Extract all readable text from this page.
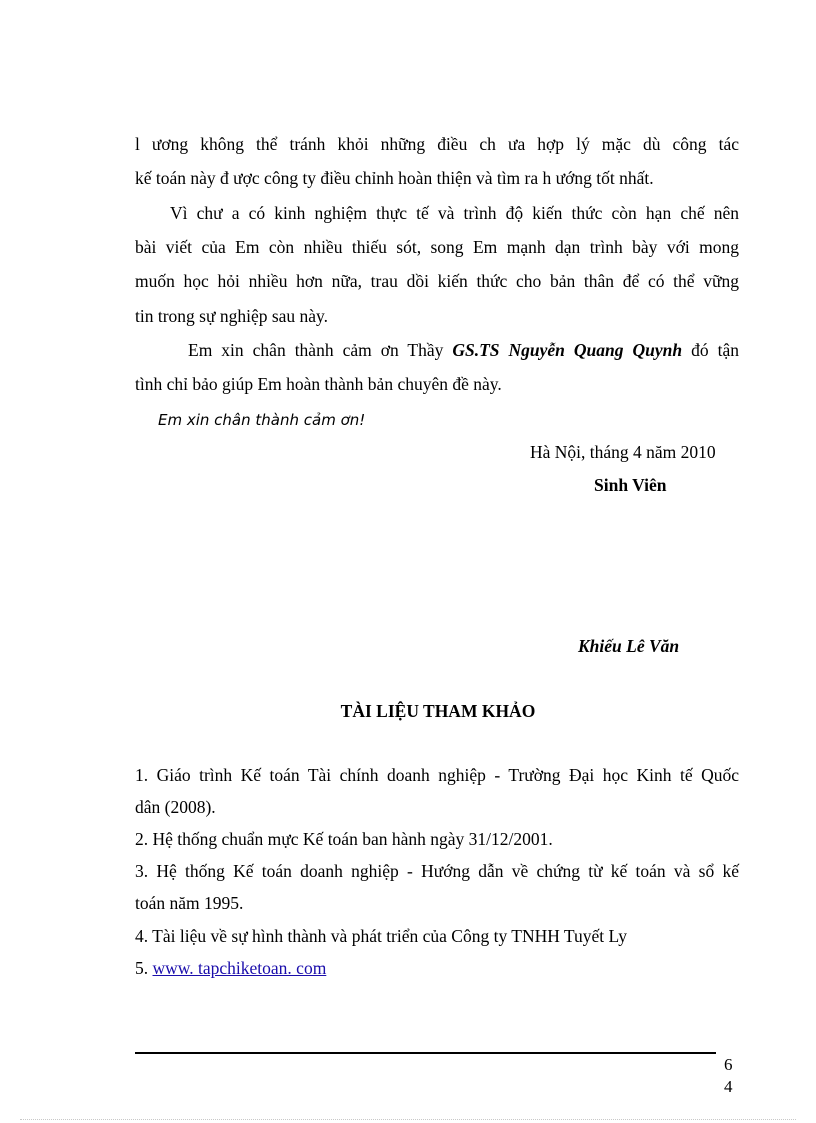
l ương không thể tránh khỏi những điều ch ưa hợp lý mặc dù công tác
kế toán này đ ược công ty điều chỉnh hoàn thiện và tìm ra h ướng tốt nhất.
Vì chư a có kinh nghiệm thực tế và trình độ kiến thức còn hạn chế nên
bài viết của Em còn nhiều thiếu sót, song Em mạnh dạn trình bày với mong
muốn học hỏi nhiều hơn nữa, trau dồi kiến thức cho bản thân để có thể vững
tin trong sự nghiệp sau này.
Em xin chân thành cảm ơn Thầy GS.TS Nguyễn Quang Quynh đó tận
tình chỉ bảo giúp Em hoàn thành bản chuyên đề này.
Em xin chân thành cảm ơn!
Hà Nội, tháng 4 năm 2010
Sinh Viên
Khiếu Lê Văn
TÀI LIỆU THAM KHẢO
1. Giáo trình Kế toán Tài chính doanh nghiệp - Trường Đại học Kinh tế Quốc
dân (2008).
2. Hệ thống chuẩn mực Kế toán ban hành ngày 31/12/2001.
3. Hệ thống Kế toán doanh nghiệp - Hướng dẫn về chứng từ kế toán và sổ kế
toán năm 1995.
4. Tài liệu về sự hình thành và phát triển của Công ty TNHH Tuyết Ly
5. www. tapchiketoan. com
6
4
